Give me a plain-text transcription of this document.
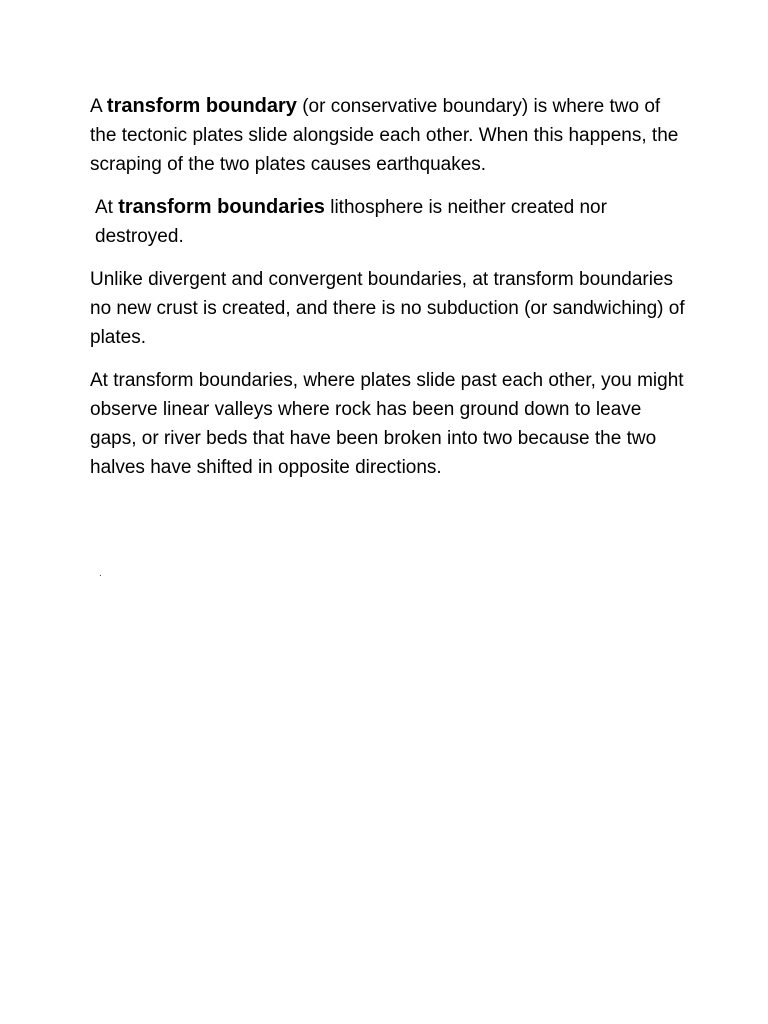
A transform boundary (or conservative boundary) is where two of the tectonic plates slide alongside each other. When this happens, the scraping of the two plates causes earthquakes.

At transform boundaries lithosphere is neither created nor destroyed.

Unlike divergent and convergent boundaries, at transform boundaries no new crust is created, and there is no subduction (or sandwiching) of plates.

At transform boundaries, where plates slide past each other, you might observe linear valleys where rock has been ground down to leave gaps, or river beds that have been broken into two because the two halves have shifted in opposite directions.

.
